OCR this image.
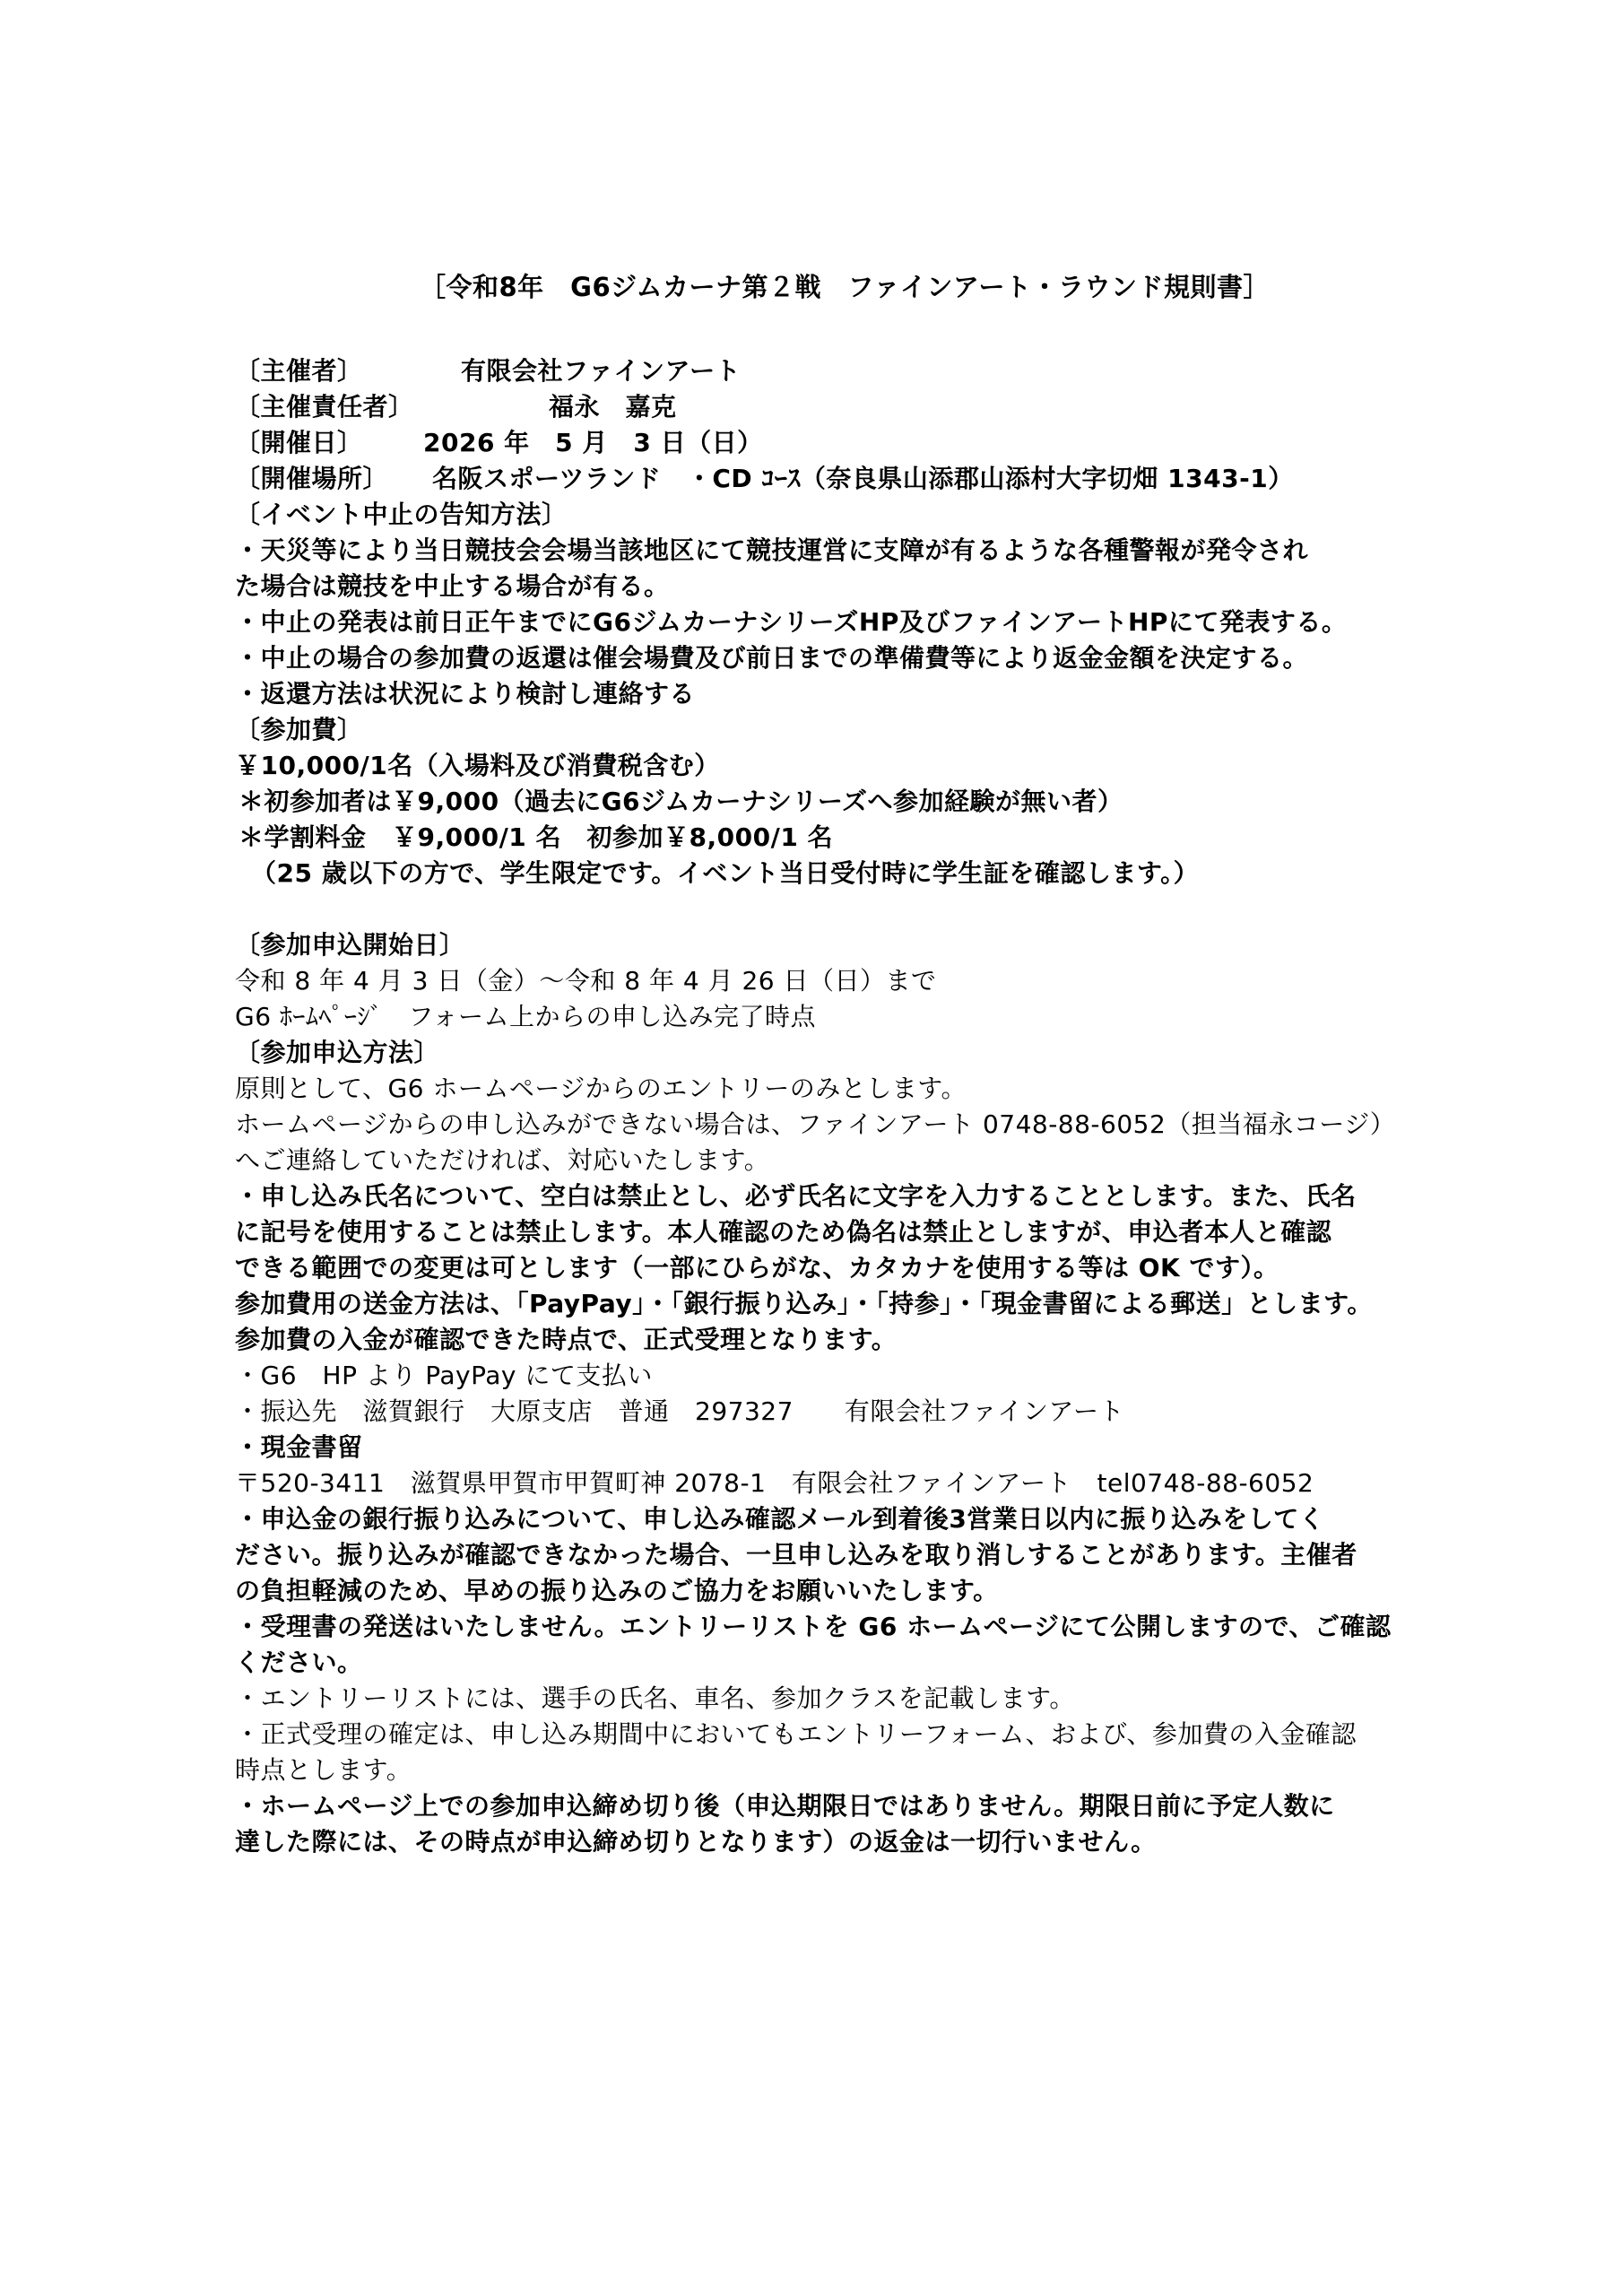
［令和8年　G6ジムカーナ第２戦　ファインアート・ラウンド規則書］
〔主催者〕	有限会社ファインアート
〔主催責任者〕	福永　嘉克
〔開催日〕 2026 年　5 月　3 日（日）
〔開催場所〕 名阪スポーツランド　・CD ｺｰｽ（奈良県山添郡山添村大字切畑 1343-1）
〔イベント中止の告知方法〕
・天災等により当日競技会会場当該地区にて競技運営に支障が有るような各種警報が発令され
た場合は競技を中止する場合が有る。
・中止の発表は前日正午までにG6ジムカーナシリーズHP及びファインアートHPにて発表する。
・中止の場合の参加費の返還は催会場費及び前日までの準備費等により返金金額を決定する。
・返還方法は状況により検討し連絡する
〔参加費〕
￥10,000/1名（入場料及び消費税含む）
＊初参加者は￥9,000（過去にG6ジムカーナシリーズへ参加経験が無い者）
＊学割料金　￥9,000/1 名　初参加￥8,000/1 名
（25 歳以下の方で、学生限定です。イベント当日受付時に学生証を確認します。）
〔参加申込開始日〕
令和 8 年 4 月 3 日（金）～令和 8 年 4 月 26 日（日）まで
G6 ﾎｰﾑﾍﾟｰｼﾞ　フォーム上からの申し込み完了時点
〔参加申込方法〕
原則として、G6 ホームページからのエントリーのみとします。
ホームページからの申し込みができない場合は、ファインアート 0748-88-6052（担当福永コージ）
へご連絡していただければ、対応いたします。
・申し込み氏名について、空白は禁止とし、必ず氏名に文字を入力することとします。また、氏名
に記号を使用することは禁止します。本人確認のため偽名は禁止としますが、申込者本人と確認
できる範囲での変更は可とします（一部にひらがな、カタカナを使用する等は OK です）。
参加費用の送金方法は、「PayPay」・「銀行振り込み」・「持参」・「現金書留による郵送」とします。
参加費の入金が確認できた時点で、正式受理となります。
・G6　HP より PayPay にて支払い
・振込先　滋賀銀行　大原支店　普通　297327　　有限会社ファインアート
・現金書留
〒520-3411　滋賀県甲賀市甲賀町神 2078-1　有限会社ファインアート　tel0748-88-6052
・申込金の銀行振り込みについて、申し込み確認メール到着後3営業日以内に振り込みをしてく
ださい。振り込みが確認できなかった場合、一旦申し込みを取り消しすることがあります。主催者
の負担軽減のため、早めの振り込みのご協力をお願いいたします。
・受理書の発送はいたしません。エントリーリストを G6 ホームページにて公開しますので、ご確認
ください。
・エントリーリストには、選手の氏名、車名、参加クラスを記載します。
・正式受理の確定は、申し込み期間中においてもエントリーフォーム、および、参加費の入金確認
時点とします。
・ホームページ上での参加申込締め切り後（申込期限日ではありません。期限日前に予定人数に
達した際には、その時点が申込締め切りとなります）の返金は一切行いません。
